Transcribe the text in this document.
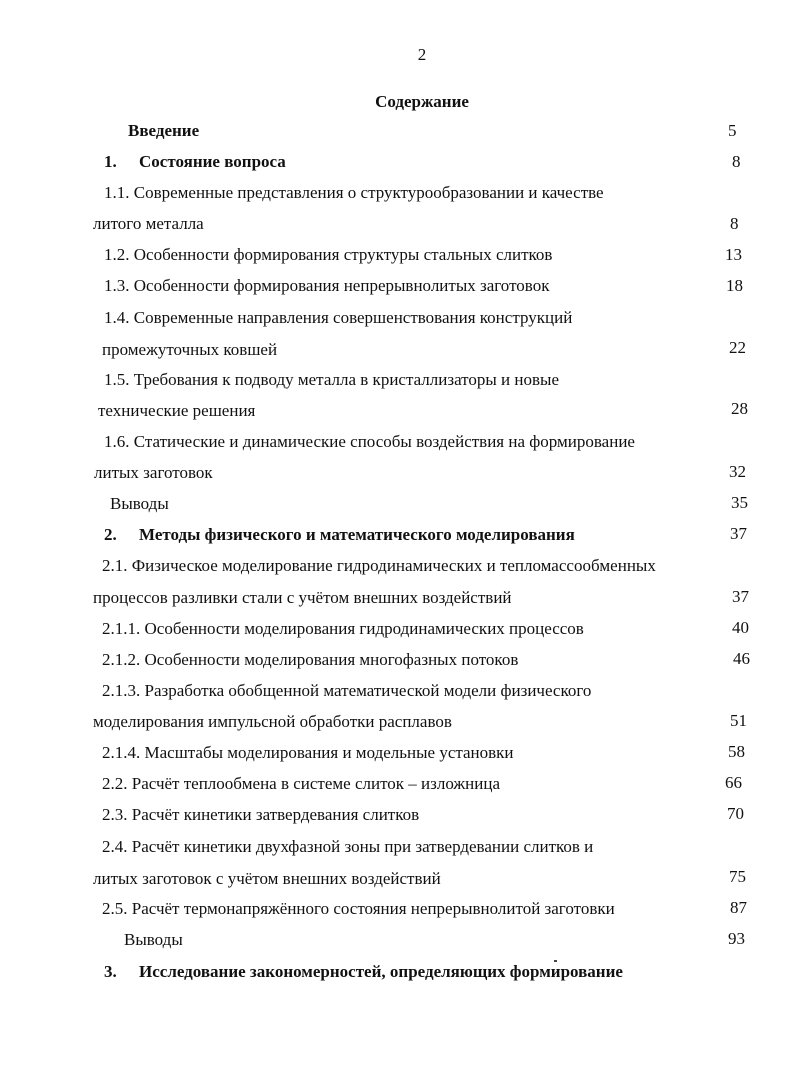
2
Содержание
Введение	5
1. Состояние вопроса	8
1.1. Современные представления о структурообразовании и качестве
литого металла	8
1.2. Особенности формирования структуры стальных слитков	13
1.3. Особенности формирования непрерывнолитых заготовок	18
1.4. Современные направления совершенствования конструкций
промежуточных ковшей	22
1.5. Требования к подводу металла в кристаллизаторы и новые
технические решения	28
1.6. Статические и динамические способы воздействия на формирование
литых заготовок	32
Выводы	35
2. Методы физического и математического моделирования	37
2.1. Физическое моделирование гидродинамических и тепломассообменных
процессов разливки стали с учётом внешних воздействий	37
2.1.1. Особенности моделирования гидродинамических процессов	40
2.1.2. Особенности моделирования многофазных потоков	46
2.1.3. Разработка обобщенной математической модели физического
моделирования импульсной обработки расплавов	51
2.1.4. Масштабы моделирования и модельные установки	58
2.2. Расчёт теплообмена в системе слиток – изложница	66
2.3. Расчёт кинетики затвердевания слитков	70
2.4. Расчёт кинетики двухфазной зоны при затвердевании слитков и
литых заготовок с учётом внешних воздействий	75
2.5. Расчёт термонапряжённого состояния непрерывнолитой заготовки	87
Выводы	93
3. Исследование закономерностей, определяющих формирование
